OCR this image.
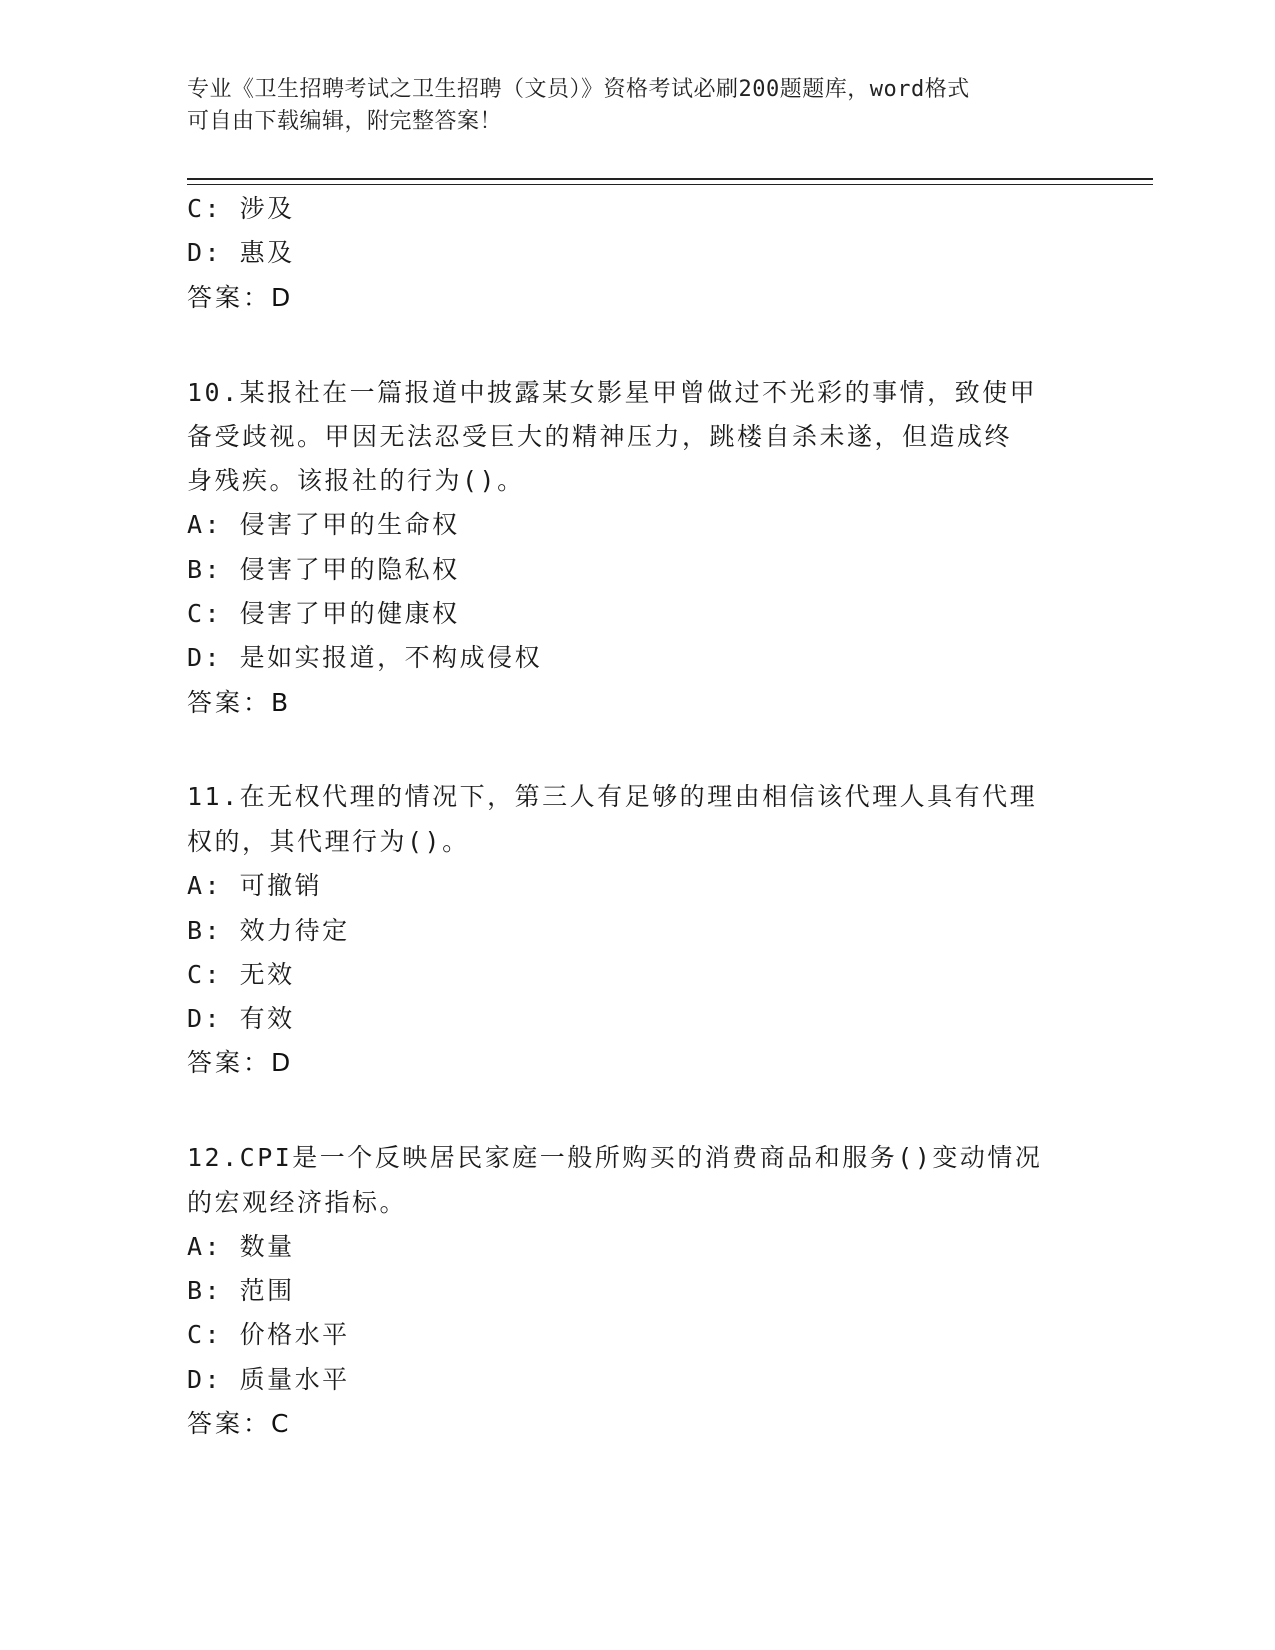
专业《卫生招聘考试之卫生招聘（文员）》资格考试必刷200题题库，word格式
可自由下载编辑，附完整答案！
C: 涉及
D: 惠及
答案：D
10.某报社在一篇报道中披露某女影星甲曾做过不光彩的事情，致使甲
备受歧视。甲因无法忍受巨大的精神压力，跳楼自杀未遂，但造成终
身残疾。该报社的行为()。
A: 侵害了甲的生命权
B: 侵害了甲的隐私权
C: 侵害了甲的健康权
D: 是如实报道，不构成侵权
答案：B
11.在无权代理的情况下，第三人有足够的理由相信该代理人具有代理
权的，其代理行为()。
A: 可撤销
B: 效力待定
C: 无效
D: 有效
答案：D
12.CPI是一个反映居民家庭一般所购买的消费商品和服务()变动情况
的宏观经济指标。
A: 数量
B: 范围
C: 价格水平
D: 质量水平
答案：C
